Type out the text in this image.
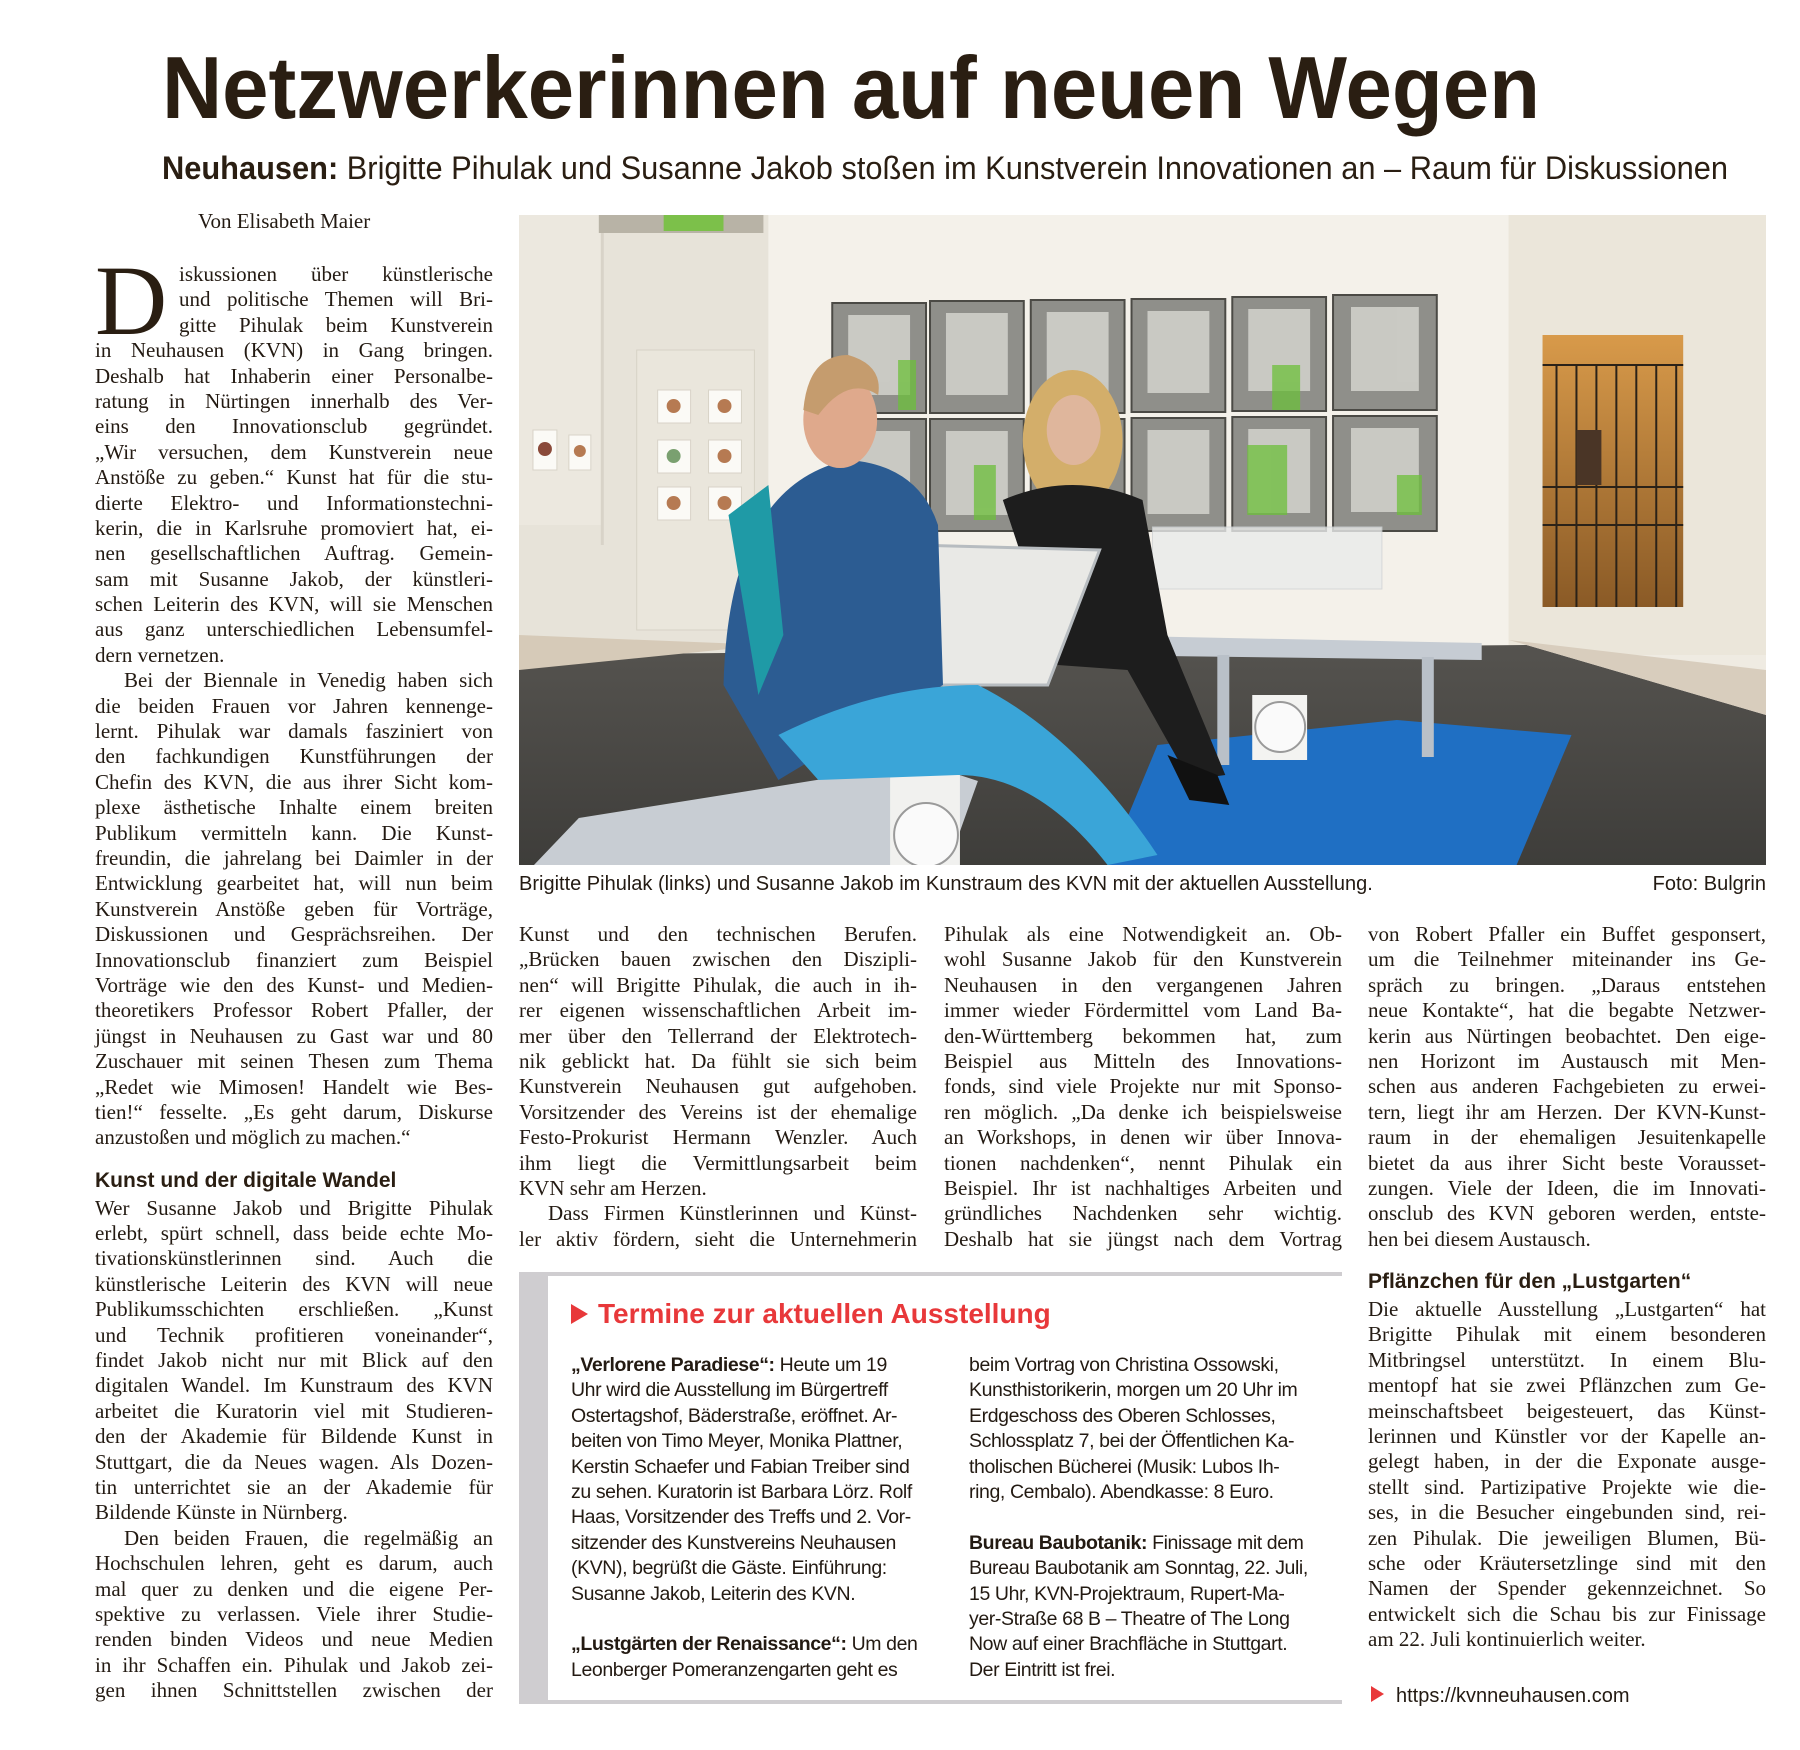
Netzwerkerinnen auf neuen Wegen
Neuhausen: Brigitte Pihulak und Susanne Jakob stoßen im Kunstverein Innovationen an – Raum für Diskussionen
Von Elisabeth Maier
Brigitte Pihulak (links) und Susanne Jakob im Kunstraum des KVN mit der aktuellen Ausstellung.	Foto: Bulgrin
D iskussionen über künstlerische
und politische Themen will Bri-
gitte Pihulak beim Kunstverein
in Neuhausen (KVN) in Gang bringen.
Deshalb hat Inhaberin einer Personalbe-
ratung in Nürtingen innerhalb des Ver-
eins den Innovationsclub gegründet.
„Wir versuchen, dem Kunstverein neue
Anstöße zu geben.“ Kunst hat für die stu-
dierte Elektro- und Informationstechni-
kerin, die in Karlsruhe promoviert hat, ei-
nen gesellschaftlichen Auftrag. Gemein-
sam mit Susanne Jakob, der künstleri-
schen Leiterin des KVN, will sie Menschen
aus ganz unterschiedlichen Lebensumfel-
dern vernetzen.
Bei der Biennale in Venedig haben sich
die beiden Frauen vor Jahren kennenge-
lernt. Pihulak war damals fasziniert von
den fachkundigen Kunstführungen der
Chefin des KVN, die aus ihrer Sicht kom-
plexe ästhetische Inhalte einem breiten
Publikum vermitteln kann. Die Kunst-
freundin, die jahrelang bei Daimler in der
Entwicklung gearbeitet hat, will nun beim
Kunstverein Anstöße geben für Vorträge,
Diskussionen und Gesprächsreihen. Der
Innovationsclub finanziert zum Beispiel
Vorträge wie den des Kunst- und Medien-
theoretikers Professor Robert Pfaller, der
jüngst in Neuhausen zu Gast war und 80
Zuschauer mit seinen Thesen zum Thema
„Redet wie Mimosen! Handelt wie Bes-
tien!“ fesselte. „Es geht darum, Diskurse
anzustoßen und möglich zu machen.“
Kunst und der digitale Wandel
Wer Susanne Jakob und Brigitte Pihulak
erlebt, spürt schnell, dass beide echte Mo-
tivationskünstlerinnen sind. Auch die
künstlerische Leiterin des KVN will neue
Publikumsschichten erschließen. „Kunst
und Technik profitieren voneinander“,
findet Jakob nicht nur mit Blick auf den
digitalen Wandel. Im Kunstraum des KVN
arbeitet die Kuratorin viel mit Studieren-
den der Akademie für Bildende Kunst in
Stuttgart, die da Neues wagen. Als Dozen-
tin unterrichtet sie an der Akademie für
Bildende Künste in Nürnberg.
Den beiden Frauen, die regelmäßig an
Hochschulen lehren, geht es darum, auch
mal quer zu denken und die eigene Per-
spektive zu verlassen. Viele ihrer Studie-
renden binden Videos und neue Medien
in ihr Schaffen ein. Pihulak und Jakob zei-
gen ihnen Schnittstellen zwischen der
Kunst und den technischen Berufen.
„Brücken bauen zwischen den Diszipli-
nen“ will Brigitte Pihulak, die auch in ih-
rer eigenen wissenschaftlichen Arbeit im-
mer über den Tellerrand der Elektrotech-
nik geblickt hat. Da fühlt sie sich beim
Kunstverein Neuhausen gut aufgehoben.
Vorsitzender des Vereins ist der ehemalige
Festo-Prokurist Hermann Wenzler. Auch
ihm liegt die Vermittlungsarbeit beim
KVN sehr am Herzen.
Dass Firmen Künstlerinnen und Künst-
ler aktiv fördern, sieht die Unternehmerin
Pihulak als eine Notwendigkeit an. Ob-
wohl Susanne Jakob für den Kunstverein
Neuhausen in den vergangenen Jahren
immer wieder Fördermittel vom Land Ba-
den-Württemberg bekommen hat, zum
Beispiel aus Mitteln des Innovations-
fonds, sind viele Projekte nur mit Sponso-
ren möglich. „Da denke ich beispielsweise
an Workshops, in denen wir über Innova-
tionen nachdenken“, nennt Pihulak ein
Beispiel. Ihr ist nachhaltiges Arbeiten und
gründliches Nachdenken sehr wichtig.
Deshalb hat sie jüngst nach dem Vortrag
von Robert Pfaller ein Buffet gesponsert,
um die Teilnehmer miteinander ins Ge-
spräch zu bringen. „Daraus entstehen
neue Kontakte“, hat die begabte Netzwer-
kerin aus Nürtingen beobachtet. Den eige-
nen Horizont im Austausch mit Men-
schen aus anderen Fachgebieten zu erwei-
tern, liegt ihr am Herzen. Der KVN-Kunst-
raum in der ehemaligen Jesuitenkapelle
bietet da aus ihrer Sicht beste Vorausset-
zungen. Viele der Ideen, die im Innovati-
onsclub des KVN geboren werden, entste-
hen bei diesem Austausch.
Pflänzchen für den „Lustgarten“
Die aktuelle Ausstellung „Lustgarten“ hat
Brigitte Pihulak mit einem besonderen
Mitbringsel unterstützt. In einem Blu-
mentopf hat sie zwei Pflänzchen zum Ge-
meinschaftsbeet beigesteuert, das Künst-
lerinnen und Künstler vor der Kapelle an-
gelegt haben, in der die Exponate ausge-
stellt sind. Partizipative Projekte wie die-
ses, in die Besucher eingebunden sind, rei-
zen Pihulak. Die jeweiligen Blumen, Bü-
sche oder Kräutersetzlinge sind mit den
Namen der Spender gekennzeichnet. So
entwickelt sich die Schau bis zur Finissage
am 22. Juli kontinuierlich weiter.
Termine zur aktuellen Ausstellung
„Verlorene Paradiese“: Heute um 19
Uhr wird die Ausstellung im Bürgertreff
Ostertagshof, Bäderstraße, eröffnet. Ar-
beiten von Timo Meyer, Monika Plattner,
Kerstin Schaefer und Fabian Treiber sind
zu sehen. Kuratorin ist Barbara Lörz. Rolf
Haas, Vorsitzender des Treffs und 2. Vor-
sitzender des Kunstvereins Neuhausen
(KVN), begrüßt die Gäste. Einführung:
Susanne Jakob, Leiterin des KVN.
„Lustgärten der Renaissance“: Um den
Leonberger Pomeranzengarten geht es
beim Vortrag von Christina Ossowski,
Kunsthistorikerin, morgen um 20 Uhr im
Erdgeschoss des Oberen Schlosses,
Schlossplatz 7, bei der Öffentlichen Ka-
tholischen Bücherei (Musik: Lubos Ih-
ring, Cembalo). Abendkasse: 8 Euro.
Bureau Baubotanik: Finissage mit dem
Bureau Baubotanik am Sonntag, 22. Juli,
15 Uhr, KVN-Projektraum, Rupert-Ma-
yer-Straße 68 B – Theatre of The Long
Now auf einer Brachfläche in Stuttgart.
Der Eintritt ist frei.
https://kvnneuhausen.com
